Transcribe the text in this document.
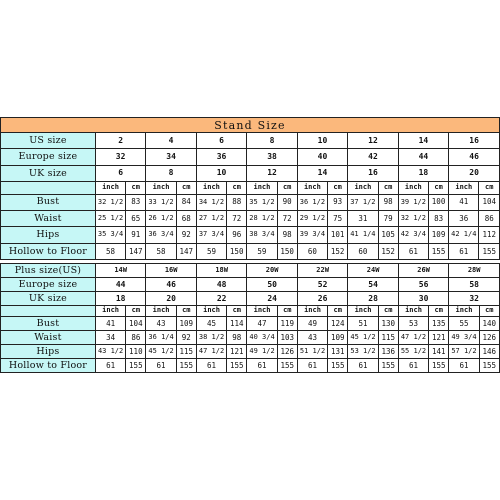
Stand Size																
US size	2		4		6		8		10		12		14		16	
Europe size	32		34		36		38		40		42		44		46	
UK size	6		8		10		12		14		16		18		20	
	inch	cm	inch	cm	inch	cm	inch	cm	inch	cm	inch	cm	inch	cm	inch	cm
Bust	32 1/2	83	33 1/2	84	34 1/2	88	35 1/2	90	36 1/2	93	37 1/2	98	39 1/2	100	41	104
Waist	25 1/2	65	26 1/2	68	27 1/2	72	28 1/2	72	29 1/2	75	31	79	32 1/2	83	36	86
Hips	35 3/4	91	36 3/4	92	37 3/4	96	38 3/4	98	39 3/4	101	41 1/4	105	42 3/4	109	42 1/4	112
Hollow to Floor	58	147	58	147	59	150	59	150	60	152	60	152	61	155	61	155
Plus size(US)	14W		16W		18W		20W		22W		24W		26W		28W	
Europe size	44		46		48		50		52		54		56		58	
UK size	18		20		22		24		26		28		30		32	
	inch	cm	inch	cm	inch	cm	inch	cm	inch	cm	inch	cm	inch	cm	inch	cm
Bust	41	104	43	109	45	114	47	119	49	124	51	130	53	135	55	140
Waist	34	86	36 1/4	92	38 1/2	98	40 3/4	103	43	109	45 1/2	115	47 1/2	121	49 3/4	126
Hips	43 1/2	110	45 1/2	115	47 1/2	121	49 1/2	126	51 1/2	131	53 1/2	136	55 1/2	141	57 1/2	146
Hollow to Floor	61	155	61	155	61	155	61	155	61	155	61	155	61	155	61	155
